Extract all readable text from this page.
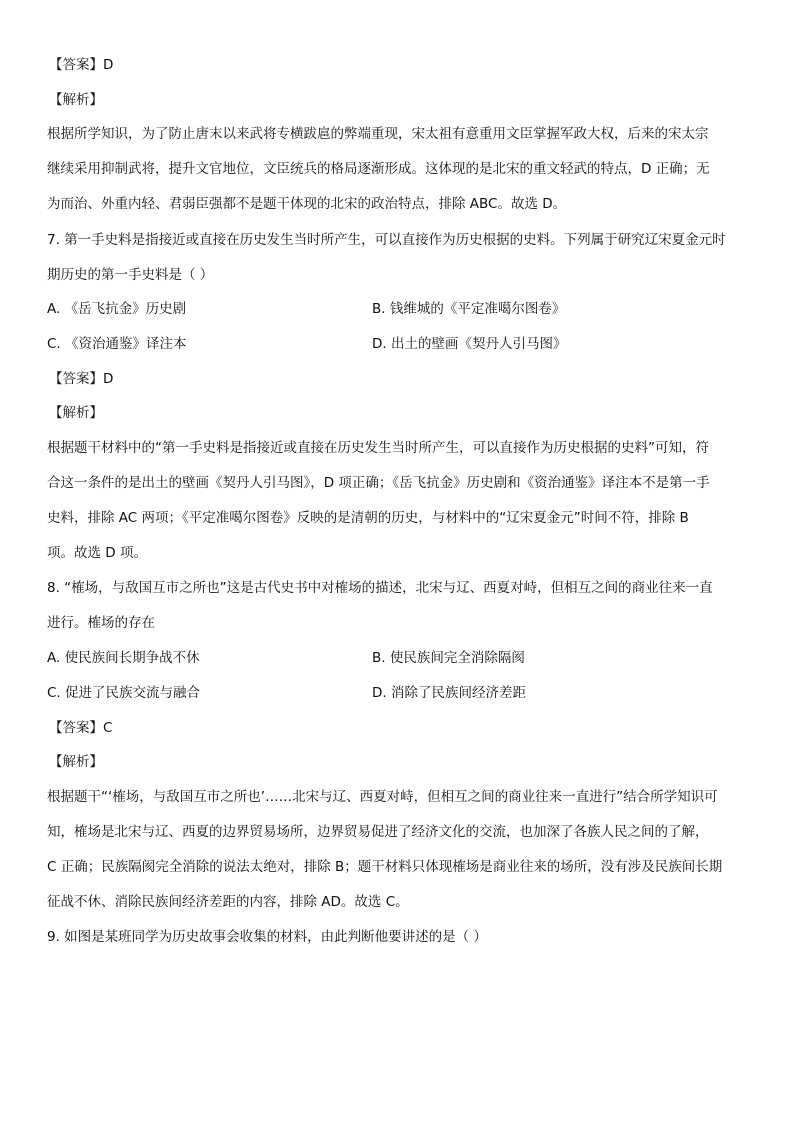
【答案】D
【解析】
根据所学知识，为了防止唐末以来武将专横跋扈的弊端重现，宋太祖有意重用文臣掌握军政大权，后来的宋太宗
继续采用抑制武将，提升文官地位，文臣统兵的格局逐渐形成。这体现的是北宋的重文轻武的特点，D 正确；无
为而治、外重内轻、君弱臣强都不是题干体现的北宋的政治特点，排除 ABC。故选 D。
7. 第一手史料是指接近或直接在历史发生当时所产生，可以直接作为历史根据的史料。下列属于研究辽宋夏金元时
期历史的第一手史料是（ ）
A. 《岳飞抗金》历史剧	B. 钱维城的《平定准噶尔图卷》
C. 《资治通鉴》译注本	D. 出土的壁画《契丹人引马图》
【答案】D
【解析】
根据题干材料中的“第一手史料是指接近或直接在历史发生当时所产生，可以直接作为历史根据的史料”可知，符
合这一条件的是出土的壁画《契丹人引马图》，D 项正确；《岳飞抗金》历史剧和《资治通鉴》译注本不是第一手
史料，排除 AC 两项；《平定准噶尔图卷》反映的是清朝的历史，与材料中的“辽宋夏金元”时间不符，排除 B
项。故选 D 项。
8. “榷场，与敌国互市之所也”这是古代史书中对榷场的描述，北宋与辽、西夏对峙，但相互之间的商业往来一直
进行。榷场的存在
A. 使民族间长期争战不休	B. 使民族间完全消除隔阂
C. 促进了民族交流与融合	D. 消除了民族间经济差距
【答案】C
【解析】
根据题干“‘榷场，与敌国互市之所也’……北宋与辽、西夏对峙，但相互之间的商业往来一直进行”结合所学知识可
知，榷场是北宋与辽、西夏的边界贸易场所，边界贸易促进了经济文化的交流，也加深了各族人民之间的了解，
C 正确；民族隔阂完全消除的说法太绝对，排除 B；题干材料只体现榷场是商业往来的场所，没有涉及民族间长期
征战不休、消除民族间经济差距的内容，排除 AD。故选 C。
9. 如图是某班同学为历史故事会收集的材料，由此判断他要讲述的是（ ）
